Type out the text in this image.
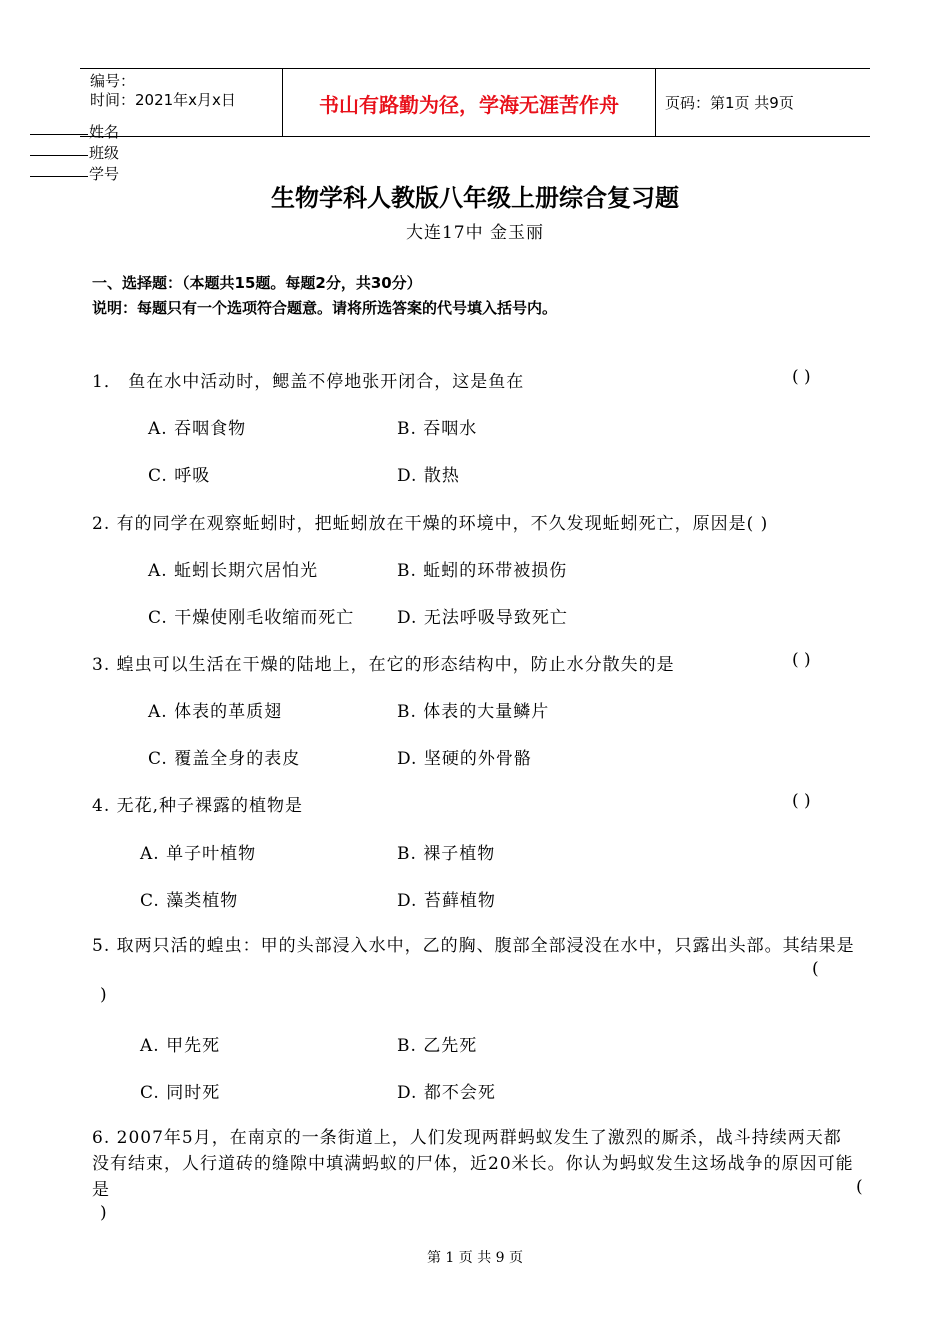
编号：
时间：2021年x月x日	书山有路勤为径，学海无涯苦作舟	页码：第1页 共9页
姓名
班级
学号
生物学科人教版八年级上册综合复习题
大连17中 金玉丽
一、选择题：（本题共15题。每题2分，共30分）
说明：每题只有一个选项符合题意。请将所选答案的代号填入括号内。
1． 鱼在水中活动时，鳃盖不停地张开闭合，这是鱼在	( )
A. 吞咽食物	B. 吞咽水
C. 呼吸	D. 散热
2. 有的同学在观察蚯蚓时，把蚯蚓放在干燥的环境中，不久发现蚯蚓死亡，原因是( )
A. 蚯蚓长期穴居怕光	B. 蚯蚓的环带被损伤
C. 干燥使刚毛收缩而死亡	D. 无法呼吸导致死亡
3. 蝗虫可以生活在干燥的陆地上，在它的形态结构中，防止水分散失的是	( )
A. 体表的革质翅	B. 体表的大量鳞片
C. 覆盖全身的表皮	D. 坚硬的外骨骼
4. 无花,种子裸露的植物是	( )
A. 单子叶植物	B. 裸子植物
C. 藻类植物	D. 苔藓植物
5. 取两只活的蝗虫：甲的头部浸入水中，乙的胸、腹部全部浸没在水中，只露出头部。其结果是
(
)
A. 甲先死	B. 乙先死
C. 同时死	D. 都不会死
6. 2007年5月，在南京的一条街道上，人们发现两群蚂蚁发生了激烈的厮杀，战斗持续两天都没有结束，人行道砖的缝隙中填满蚂蚁的尸体，近20米长。你认为蚂蚁发生这场战争的原因可能是	(
)
第 1 页 共 9 页
